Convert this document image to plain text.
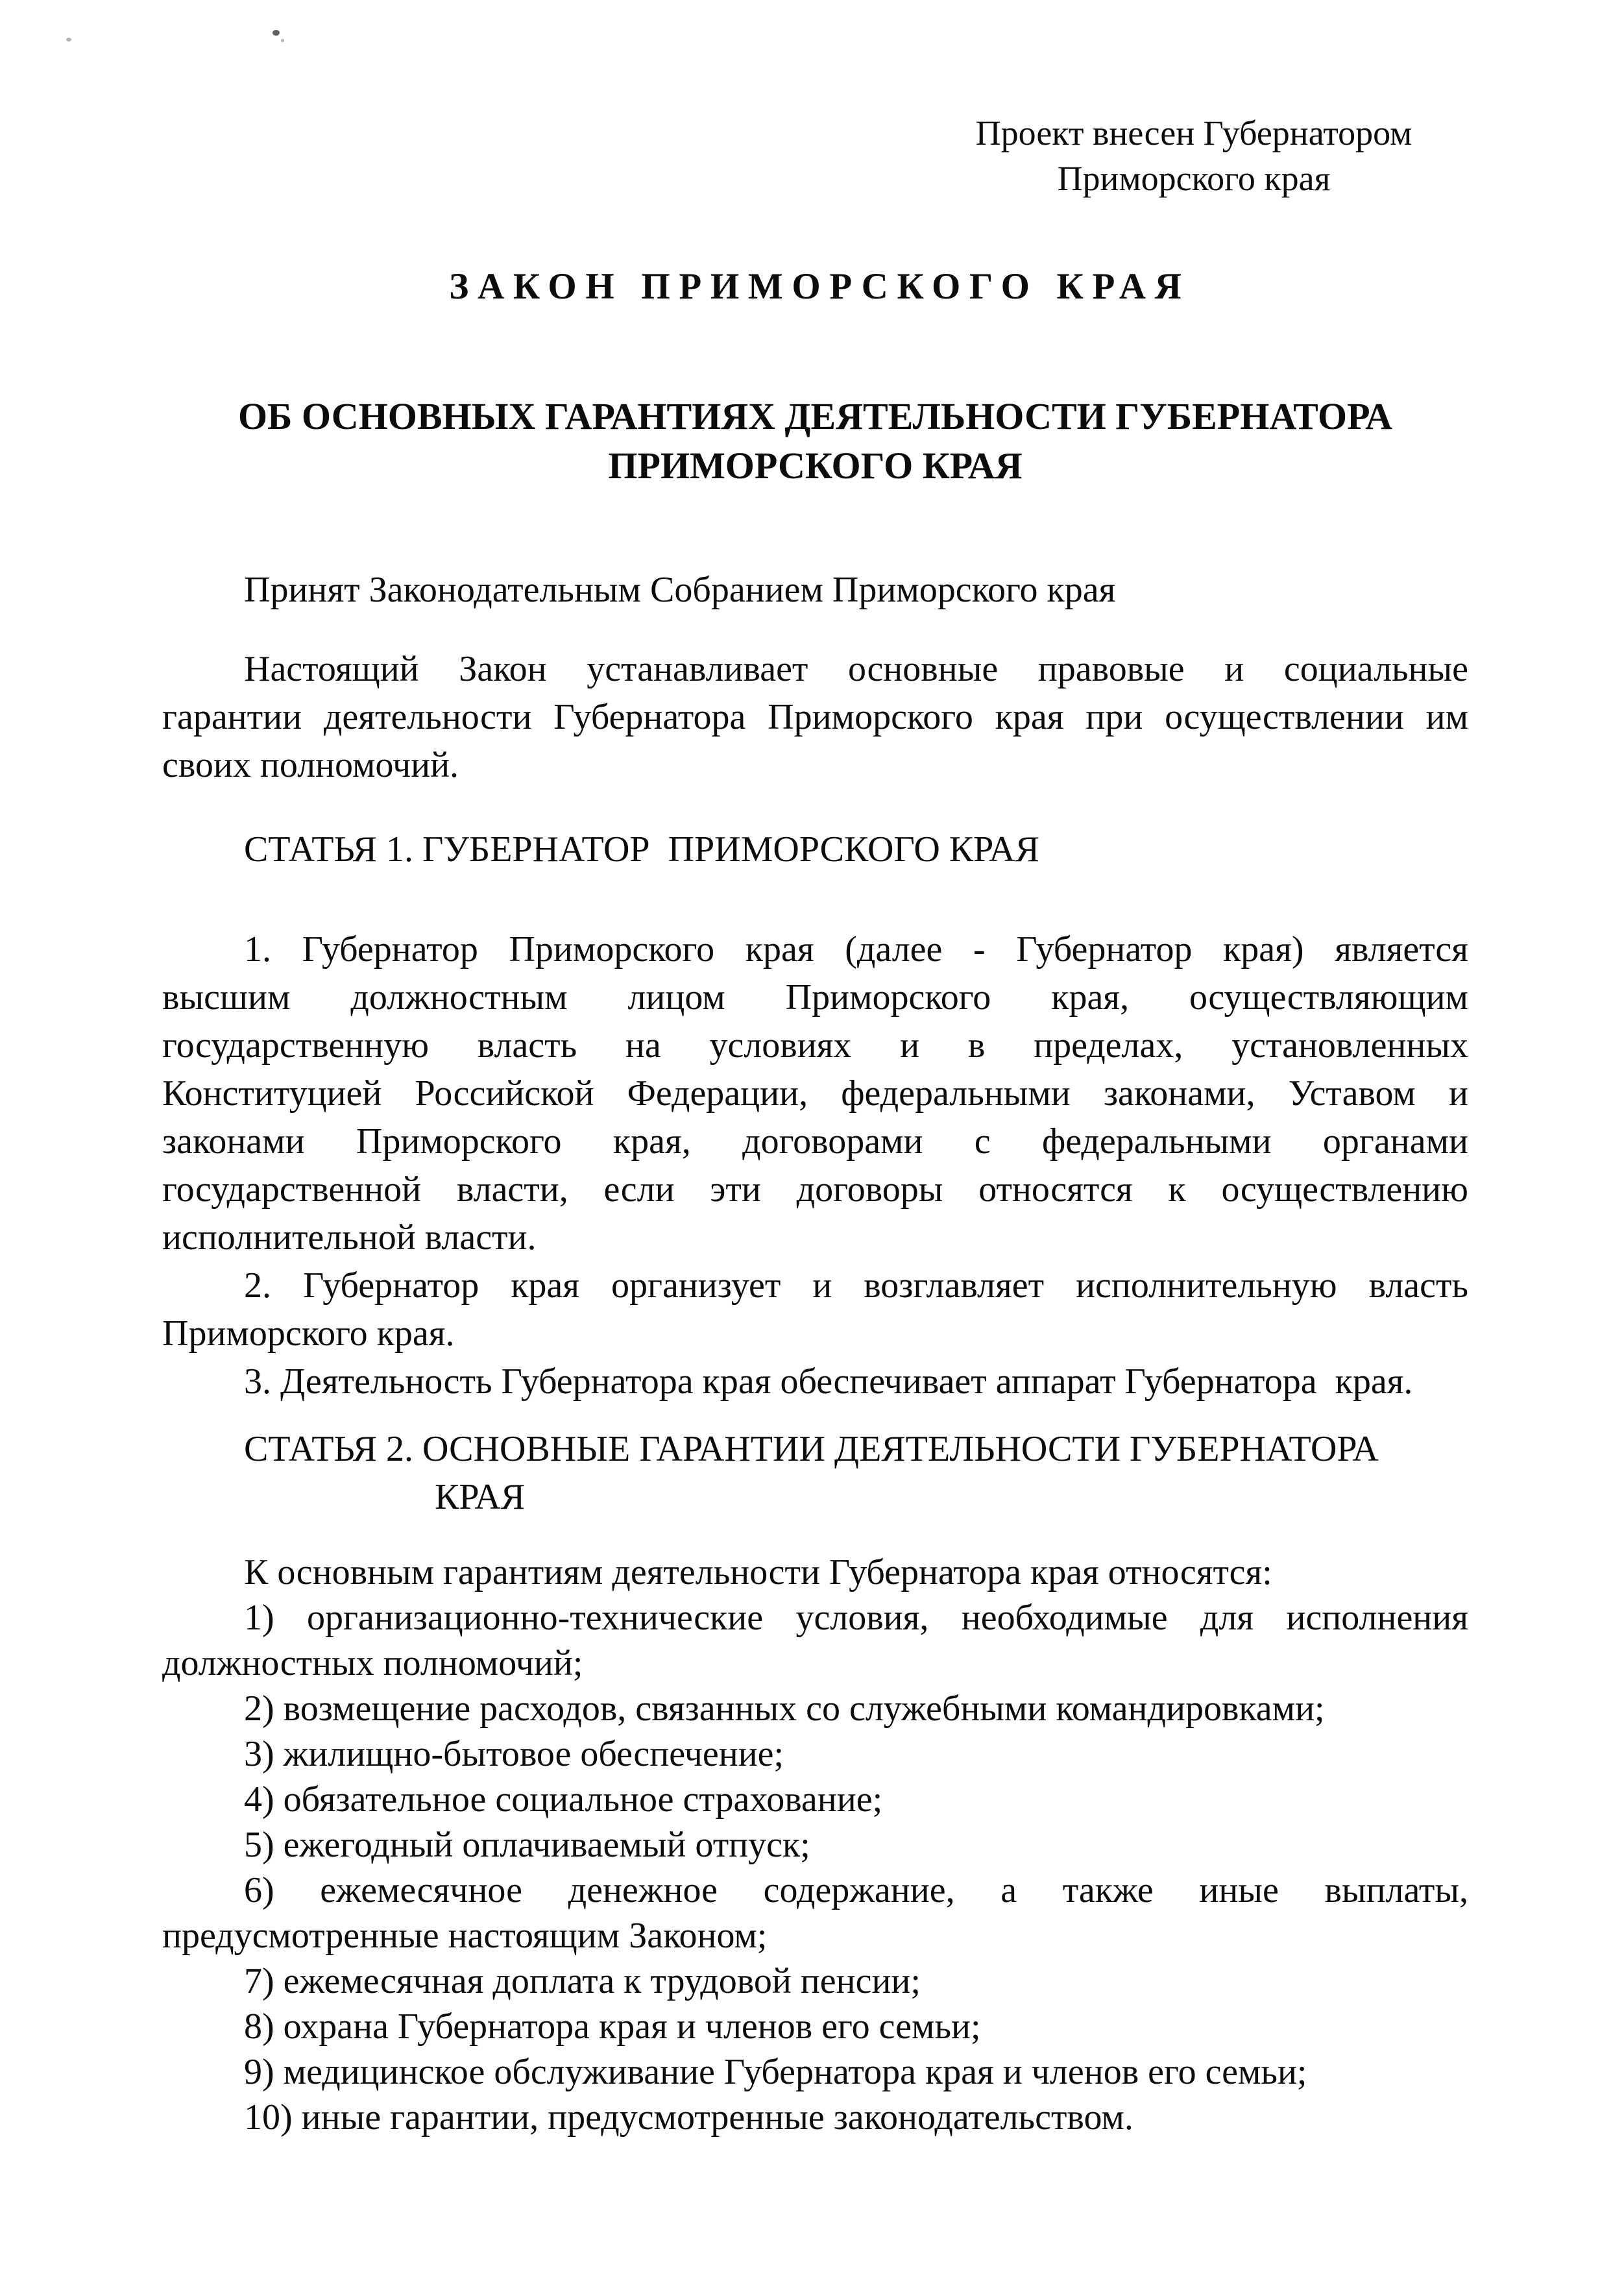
Проект внесен Губернатором
Приморского края
ЗАКОН ПРИМОРСКОГО КРАЯ
ОБ ОСНОВНЫХ ГАРАНТИЯХ ДЕЯТЕЛЬНОСТИ ГУБЕРНАТОРА
ПРИМОРСКОГО КРАЯ
Принят Законодательным Собранием Приморского края
Настоящий Закон устанавливает основные правовые и социальные
гарантии деятельности Губернатора Приморского края при осуществлении им
своих полномочий.
СТАТЬЯ 1. ГУБЕРНАТОР  ПРИМОРСКОГО КРАЯ
1. Губернатор Приморского края (далее - Губернатор края) является
высшим должностным лицом Приморского края, осуществляющим
государственную власть на условиях и в пределах, установленных
Конституцией Российской Федерации, федеральными законами, Уставом и
законами Приморского края, договорами с федеральными органами
государственной власти, если эти договоры относятся к осуществлению
исполнительной власти.
2. Губернатор края организует и возглавляет исполнительную власть
Приморского края.
3. Деятельность Губернатора края обеспечивает аппарат Губернатора  края.
СТАТЬЯ 2. ОСНОВНЫЕ ГАРАНТИИ ДЕЯТЕЛЬНОСТИ ГУБЕРНАТОРА
КРАЯ
К основным гарантиям деятельности Губернатора края относятся:
1) организационно-технические условия, необходимые для исполнения
должностных полномочий;
2) возмещение расходов, связанных со служебными командировками;
3) жилищно-бытовое обеспечение;
4) обязательное социальное страхование;
5) ежегодный оплачиваемый отпуск;
6) ежемесячное денежное содержание, а также иные выплаты,
предусмотренные настоящим Законом;
7) ежемесячная доплата к трудовой пенсии;
8) охрана Губернатора края и членов его семьи;
9) медицинское обслуживание Губернатора края и членов его семьи;
10) иные гарантии, предусмотренные законодательством.
